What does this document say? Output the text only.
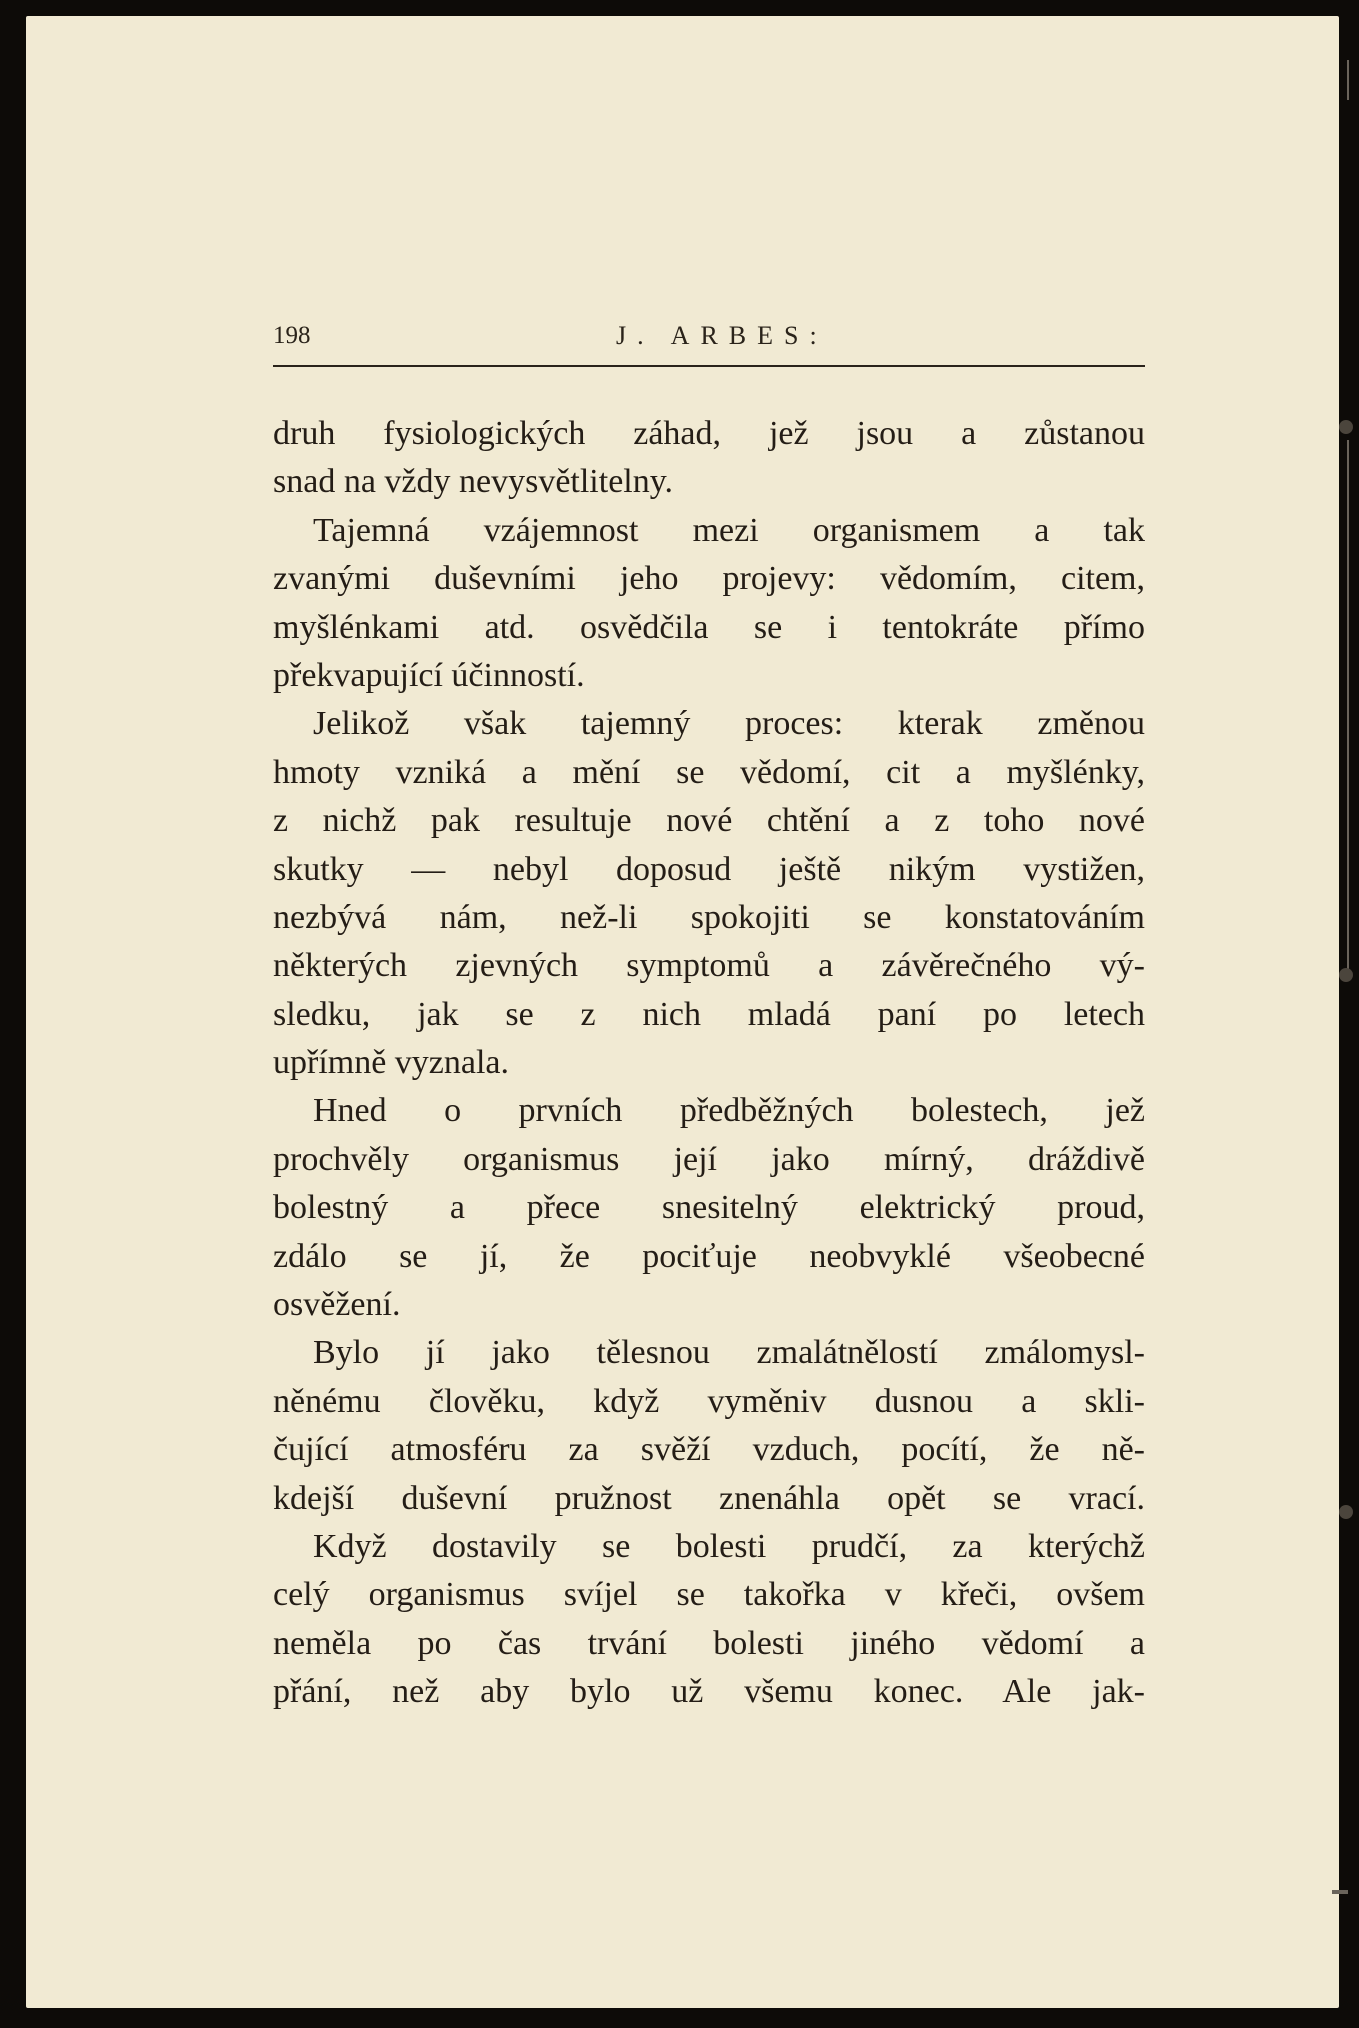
198	J. ARBES:
druh fysiologických záhad, jež jsou a zůstanou
snad na vždy nevysvětlitelny.
Tajemná vzájemnost mezi organismem a tak
zvanými duševními jeho projevy: vědomím, citem,
myšlénkami atd. osvědčila se i tentokráte přímo
překvapující účinností.
Jelikož však tajemný proces: kterak změnou
hmoty vzniká a mění se vědomí, cit a myšlénky,
z nichž pak resultuje nové chtění a z toho nové
skutky — nebyl doposud ještě nikým vystižen,
nezbývá nám, než-li spokojiti se konstatováním
některých zjevných symptomů a závěrečného vý-
sledku, jak se z nich mladá paní po letech
upřímně vyznala.
Hned o prvních předběžných bolestech, jež
prochvěly organismus její jako mírný, dráždivě
bolestný a přece snesitelný elektrický proud,
zdálo se jí, že pociťuje neobvyklé všeobecné
osvěžení.
Bylo jí jako tělesnou zmalátnělostí zmálomysl-
něnému člověku, když vyměniv dusnou a skli-
čující atmosféru za svěží vzduch, pocítí, že ně-
kdejší duševní pružnost znenáhla opět se vrací.
Když dostavily se bolesti prudčí, za kterýchž
celý organismus svíjel se takořka v křeči, ovšem
neměla po čas trvání bolesti jiného vědomí a
přání, než aby bylo už všemu konec. Ale jak-
